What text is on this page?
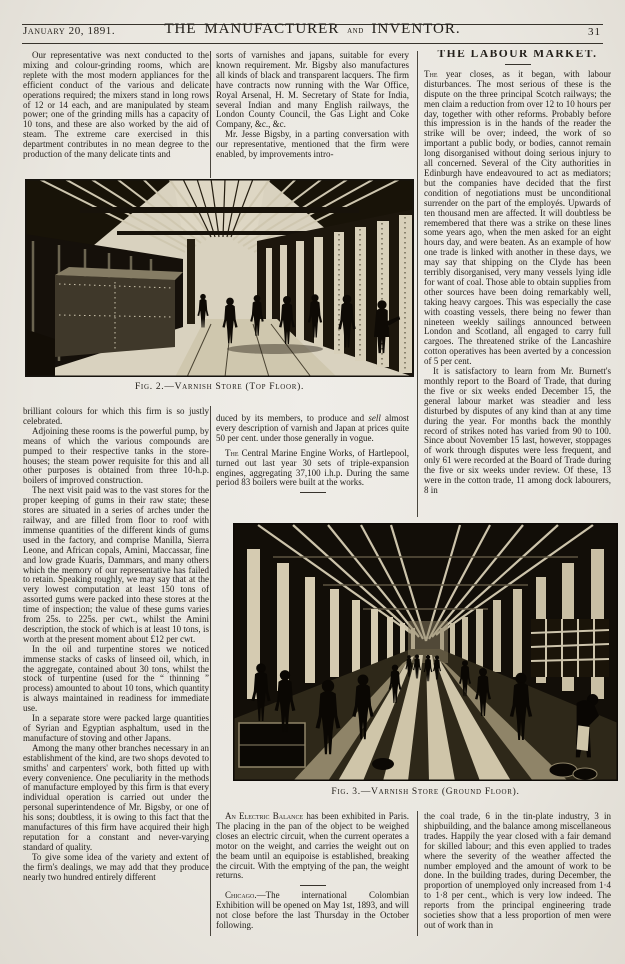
January 20, 1891.	THE MANUFACTURER and INVENTOR.	31

Our representative was next conducted to the mixing and colour-grinding rooms, which are replete with the most modern appliances for the efficient conduct of the various and delicate operations required; the mixers stand in long rows of 12 or 14 each, and are manipulated by steam power; one of the grinding mills has a capacity of 10 tons, and these are also worked by the aid of steam. The extreme care exercised in this department contributes in no mean degree to the production of the many delicate tints and

sorts of varnishes and japans, suitable for every known requirement. Mr. Bigsby also manufactures all kinds of black and transparent lacquers. The firm have contracts now running with the War Office, Royal Arsenal, H. M. Secretary of State for India, several Indian and many English railways, the London County Council, the Gas Light and Coke Company, &c., &c.

Mr. Jesse Bigsby, in a parting conversation with our representative, mentioned that the firm were enabled, by improvements intro-

THE LABOUR MARKET.

The year closes, as it began, with labour disturbances. The most serious of these is the dispute on the three principal Scotch railways; the men claim a reduction from over 12 to 10 hours per day, together with other reforms. Probably before this impression is in the hands of the reader the strike will be over; indeed, the work of so important a public body, or bodies, cannot remain long disorganised without doing serious injury to all concerned. Several of the City authorities in Edinburgh have endeavoured to act as mediators; but the companies have decided that the first condition of negotiations must be unconditional surrender on the part of the employés. Upwards of ten thousand men are affected. It will doubtless be remembered that there was a strike on these lines some years ago, when the men asked for an eight hours day, and were beaten. As an example of how one trade is linked with another in these days, we may say that shipping on the Clyde has been terribly disorganised, very many vessels lying idle for want of coal. Those able to obtain supplies from other sources have been doing remarkably well, taking heavy cargoes. This was especially the case with coasting vessels, there being no fewer than nineteen weekly sailings announced between London and Scotland, all engaged to carry full cargoes. The threatened strike of the Lancashire cotton operatives has been averted by a concession of 5 per cent.

It is satisfactory to learn from Mr. Burnett's monthly report to the Board of Trade, that during the five or six weeks ended December 15, the general labour market was steadier and less disturbed by disputes of any kind than at any time during the year. For months back the monthly record of strikes noted has varied from 90 to 100. Since about November 15 last, however, stoppages of work through disputes were less frequent, and only 61 were recorded at the Board of Trade during the five or six weeks under review. Of these, 13 were in the cotton trade, 11 among dock labourers, 8 in

Fig. 2.—Varnish Store (Top Floor).

brilliant colours for which this firm is so justly celebrated.

Adjoining these rooms is the powerful pump, by means of which the various compounds are pumped to their respective tanks in the store-houses; the steam power requisite for this and all other purposes is obtained from three 10-h.p. boilers of improved construction.

The next visit paid was to the vast stores for the proper keeping of gums in their raw state; these stores are situated in a series of arches under the railway, and are filled from floor to roof with immense quantities of the different kinds of gums used in the factory, and comprise Manilla, Sierra Leone, and African copals, Amini, Maccassar, fine and low grade Kuaris, Dammars, and many others which the memory of our representative has failed to retain. Speaking roughly, we may say that at the very lowest computation at least 150 tons of assorted gums were packed into these stores at the time of inspection; the value of these gums varies from 25s. to 225s. per cwt., whilst the Amini description, the stock of which is at least 10 tons, is worth at the present moment about £12 per cwt.

In the oil and turpentine stores we noticed immense stacks of casks of linseed oil, which, in the aggregate, contained about 30 tons, whilst the stock of turpentine (used for the “ thinning ” process) amounted to about 10 tons, which quantity is always maintained in readiness for immediate use.

In a separate store were packed large quantities of Syrian and Egyptian asphaltum, used in the manufacture of stoving and other Japans.

Among the many other branches necessary in an establishment of the kind, are two shops devoted to smiths' and carpenters' work, both fitted up with every convenience. One peculiarity in the methods of manufacture employed by this firm is that every individual operation is carried out under the personal superintendence of Mr. Bigsby, or one of his sons; doubtless, it is owing to this fact that the manufactures of this firm have acquired their high reputation for a constant and never-varying standard of quality.

To give some idea of the variety and extent of the firm's dealings, we may add that they produce nearly two hundred entirely different

duced by its members, to produce and sell almost every description of varnish and Japan at prices quite 50 per cent. under those generally in vogue.

The Central Marine Engine Works, of Hartlepool, turned out last year 30 sets of triple-expansion engines, aggregating 37,100 i.h.p. During the same period 83 boilers were built at the works.

Fig. 3.—Varnish Store (Ground Floor).

An Electric Balance has been exhibited in Paris. The placing in the pan of the object to be weighed closes an electric circuit, when the current operates a motor on the weight, and carries the weight out on the beam until an equipoise is established, breaking the circuit. With the emptying of the pan, the weight returns.

Chicago.—The international Colombian Exhibition will be opened on May 1st, 1893, and will not close before the last Thursday in the October following.

the coal trade, 6 in the tin-plate industry, 3 in shipbuilding, and the balance among miscellaneous trades. Happily the year closed with a fair demand for skilled labour; and this even applied to trades where the severity of the weather affected the number employed and the amount of work to be done. In the building trades, during December, the proportion of unemployed only increased from 1·4 to 1·8 per cent., which is very low indeed. The reports from the principal engineering trade societies show that a less proportion of men were out of work than in
